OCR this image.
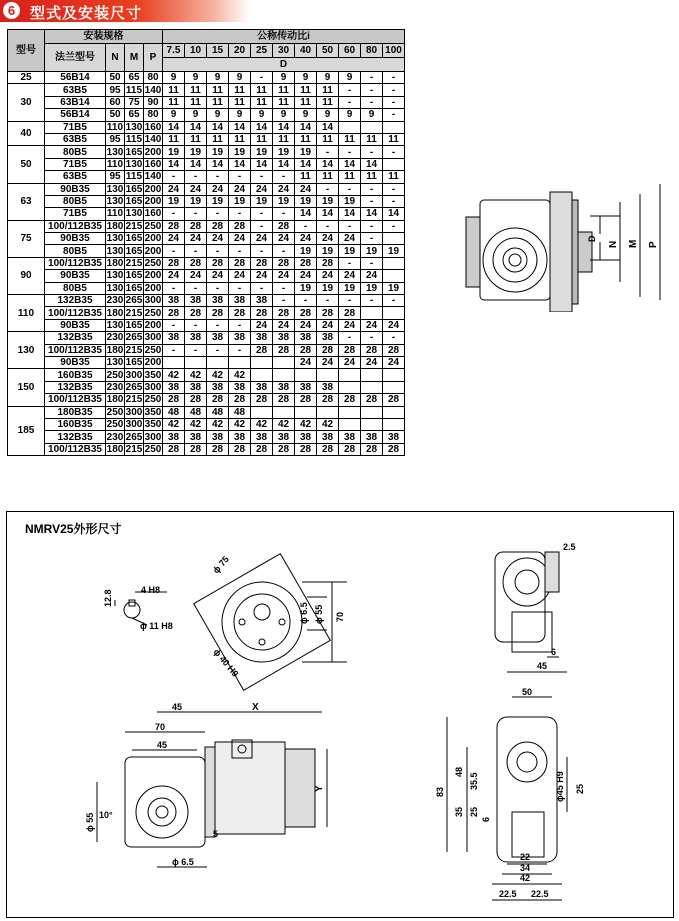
6 型式及安装尺寸
型号	安装规格				公称传动比i										
	法兰型号	N	M	P	7.5	10	15	20	25	30	40	50	60	80	100
					D										
25	56B14	50	65	80	9	9	9	9	-	9	9	9	9	-	-
30	63B5	95	115	140	11	11	11	11	11	11	11	11	-	-	-
	63B14	60	75	90	11	11	11	11	11	11	11	11	-	-	-
	56B14	50	65	80	9	9	9	9	9	9	9	9	9	9	-
40	71B5	110	130	160	14	14	14	14	14	14	14	14			
	63B5	95	115	140	11	11	11	11	11	11	11	11	11	11	11
50	80B5	130	165	200	19	19	19	19	19	19	19	-	-	-	-
	71B5	110	130	160	14	14	14	14	14	14	14	14	14	14	
	63B5	95	115	140	-	-	-	-	-	-	11	11	11	11	11
63	90B35	130	165	200	24	24	24	24	24	24	24	-	-	-	-
	80B5	130	165	200	19	19	19	19	19	19	19	19	19	-	-
	71B5	110	130	160	-	-	-	-	-	-	14	14	14	14	14
75	100/112B35	180	215	250	28	28	28	28	-	28	-	-	-	-	-
	90B35	130	165	200	24	24	24	24	24	24	24	24	24	-	
	80B5	130	165	200	-	-	-	-	-	-	19	19	19	19	19
90	100/112B35	180	215	250	28	28	28	28	28	28	28	28	-	-	
	90B35	130	165	200	24	24	24	24	24	24	24	24	24	24	
	80B5	130	165	200	-	-	-	-	-	-	19	19	19	19	19
110	132B35	230	265	300	38	38	38	38	38	-	-	-	-	-	-
	100/112B35	180	215	250	28	28	28	28	28	28	28	28	28		
	90B35	130	165	200	-	-	-	-	24	24	24	24	24	24	24
130	132B35	230	265	300	38	38	38	38	38	38	38	38	-	-	-
	100/112B35	180	215	250	-	-	-	-	28	28	28	28	28	28	28
	90B35	130	165	200							24	24	24	24	24
150	160B35	250	300	350	42	42	42	42							
	132B35	230	265	300	38	38	38	38	38	38	38	38			
	100/112B35	180	215	250	28	28	28	28	28	28	28	28	28	28	28
185	180B35	250	300	350	48	48	48	48							
	160B35	250	300	350	42	42	42	42	42	42	42	42			
	132B35	230	265	300	38	38	38	38	38	38	38	38	38	38	38
	100/112B35	180	215	250	28	28	28	28	28	28	28	28	28	28	28
D
N M P
NMRV25外形尺寸
12.8	4 H8
ϕ 11 H8
ϕ 75
ϕ 6.5 ϕ 55 70
ϕ 40 H9
2.5
6
45
45	X
70
45
Y
10°
ϕ 55
5
ϕ 6.5
50
83
48
35
35.5
25
6
ϕ45 H9 25
22
34
42
22.5 22.5
